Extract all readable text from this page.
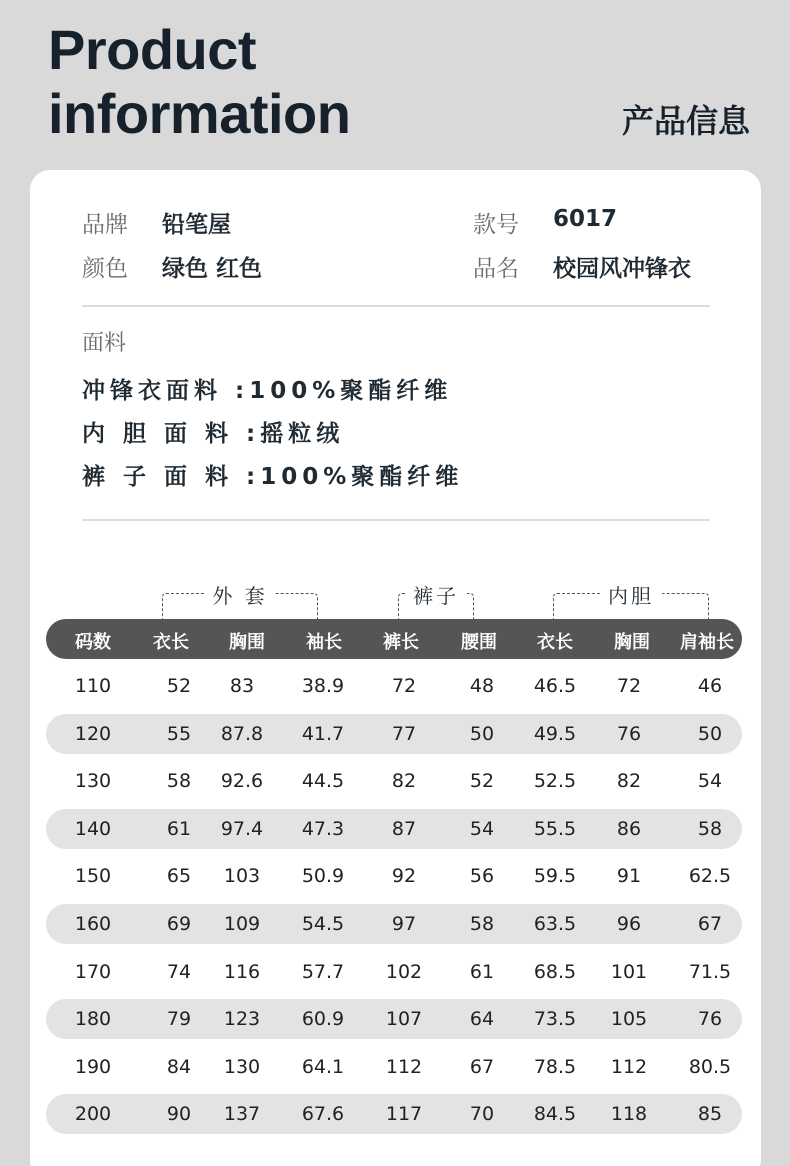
Product
information	产品信息
品牌 铅笔屋	款号 6017
颜色 绿色 红色	品名 校园风冲锋衣
面料
冲锋衣面料 :100%聚酯纤维
内 胆 面 料 :摇粒绒
裤 子 面 料 :100%聚酯纤维
外 套	裤子	内胆
码数	衣长	胸围	袖长	裤长	腰围	衣长	胸围	肩袖长
110	52	83	38.9	72	48	46.5	72	46
120	55	87.8	41.7	77	50	49.5	76	50
130	58	92.6	44.5	82	52	52.5	82	54
140	61	97.4	47.3	87	54	55.5	86	58
150	65	103	50.9	92	56	59.5	91	62.5
160	69	109	54.5	97	58	63.5	96	67
170	74	116	57.7	102	61	68.5	101	71.5
180	79	123	60.9	107	64	73.5	105	76
190	84	130	64.1	112	67	78.5	112	80.5
200	90	137	67.6	117	70	84.5	118	85
